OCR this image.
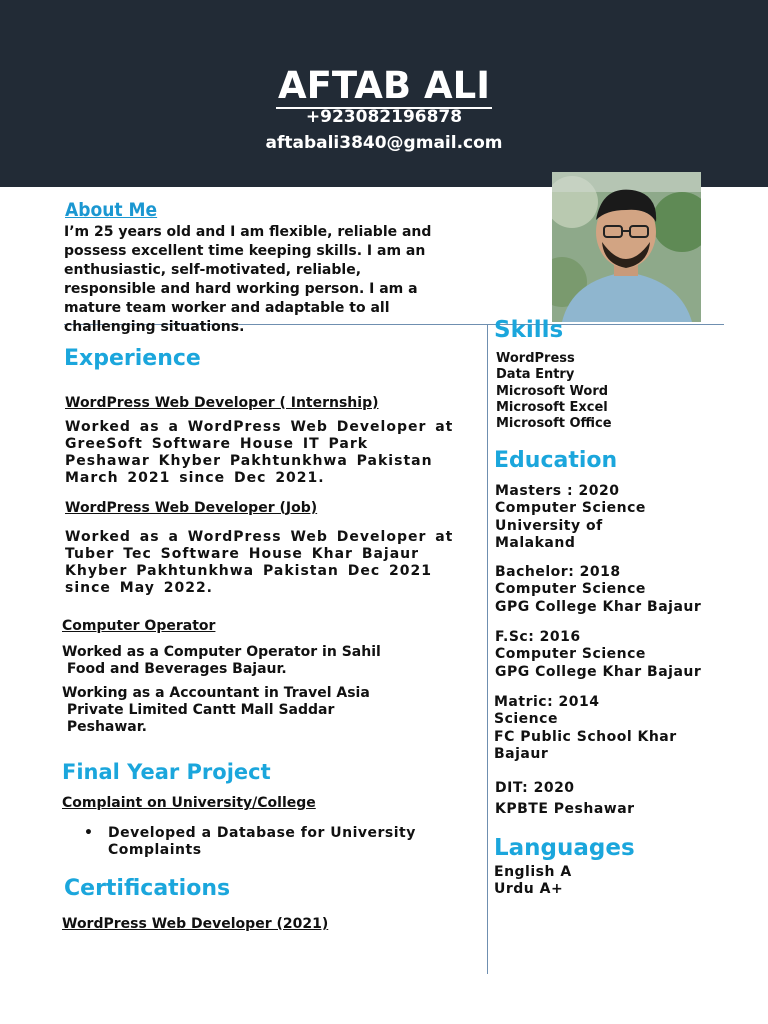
AFTAB ALI
+923082196878
aftabali3840@gmail.com
About Me
I’m 25 years old and I am flexible, reliable and possess excellent time keeping skills. I am an enthusiastic, self-motivated, reliable, responsible and hard working person. I am a mature team worker and adaptable to all challenging situations.
Experience
WordPress Web Developer ( Internship)
Worked as a WordPress Web Developer at
GreeSoft Software House IT Park
Peshawar Khyber Pakhtunkhwa Pakistan
March 2021 since Dec 2021.
WordPress Web Developer (Job)
Worked as a WordPress Web Developer at
Tuber Tec Software House Khar Bajaur
Khyber Pakhtunkhwa Pakistan Dec 2021
since May 2022.
Computer Operator
Worked as a Computer Operator in Sahil
Food and Beverages Bajaur.
Working as a Accountant in Travel Asia
Private Limited Cantt Mall Saddar
Peshawar.
Final Year Project
Complaint on University/College
• Developed a Database for University Complaints
Certifications
WordPress Web Developer (2021)
Skills
WordPress
Data Entry
Microsoft Word
Microsoft Excel
Microsoft Office
Education
Masters : 2020
Computer Science
University of
Malakand
Bachelor: 2018
Computer Science
GPG College Khar Bajaur
F.Sc: 2016
Computer Science
GPG College Khar Bajaur
Matric: 2014
Science
FC Public School Khar
Bajaur
DIT: 2020
KPBTE Peshawar
Languages
English A
Urdu A+
